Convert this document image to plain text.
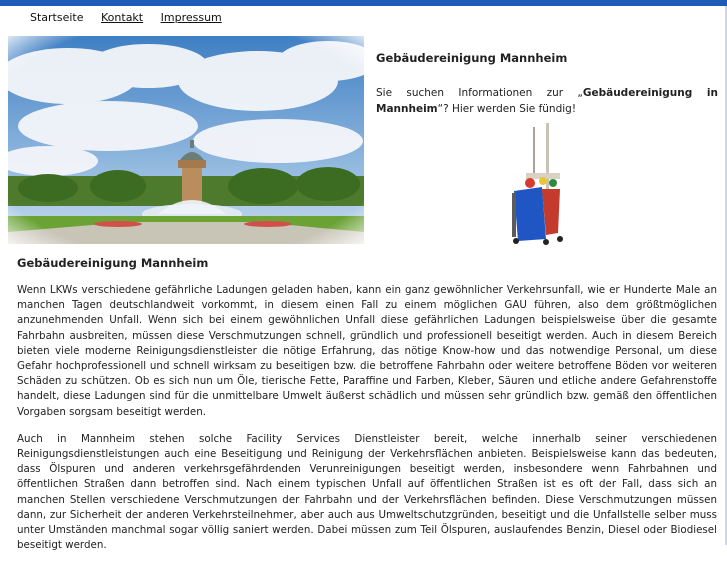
Startseite Kontakt Impressum
Gebäudereinigung Mannheim

Sie suchen Informationen zur „Gebäudereinigung in Mannheim“? Hier werden Sie fündig!

Gebäudereinigung Mannheim

Wenn LKWs verschiedene gefährliche Ladungen geladen haben, kann ein ganz gewöhnlicher Verkehrsunfall, wie er Hunderte Male an manchen Tagen deutschlandweit vorkommt, in diesem einen Fall zu einem möglichen GAU führen, also dem größtmöglichen anzunehmenden Unfall. Wenn sich bei einem gewöhnlichen Unfall diese gefährlichen Ladungen beispielsweise über die gesamte Fahrbahn ausbreiten, müssen diese Verschmutzungen schnell, gründlich und professionell beseitigt werden. Auch in diesem Bereich bieten viele moderne Reinigungsdienstleister die nötige Erfahrung, das nötige Know-how und das notwendige Personal, um diese Gefahr hochprofessionell und schnell wirksam zu beseitigen bzw. die betroffene Fahrbahn oder weitere betroffene Böden vor weiteren Schäden zu schützen. Ob es sich nun um Öle, tierische Fette, Paraffine und Farben, Kleber, Säuren und etliche andere Gefahrenstoffe handelt, diese Ladungen sind für die unmittelbare Umwelt äußerst schädlich und müssen sehr gründlich bzw. gemäß den öffentlichen Vorgaben sorgsam beseitigt werden.

Auch in Mannheim stehen solche Facility Services Dienstleister bereit, welche innerhalb seiner verschiedenen Reinigungsdienstleistungen auch eine Beseitigung und Reinigung der Verkehrsflächen anbieten. Beispielsweise kann das bedeuten, dass Ölspuren und anderen verkehrsgefährdenden Verunreinigungen beseitigt werden, insbesondere wenn Fahrbahnen und öffentlichen Straßen dann betroffen sind. Nach einem typischen Unfall auf öffentlichen Straßen ist es oft der Fall, dass sich an manchen Stellen verschiedene Verschmutzungen der Fahrbahn und der Verkehrsflächen befinden. Diese Verschmutzungen müssen dann, zur Sicherheit der anderen Verkehrsteilnehmer, aber auch aus Umweltschutzgründen, beseitigt und die Unfallstelle selber muss unter Umständen manchmal sogar völlig saniert werden. Dabei müssen zum Teil Ölspuren, auslaufendes Benzin, Diesel oder Biodiesel beseitigt werden.
